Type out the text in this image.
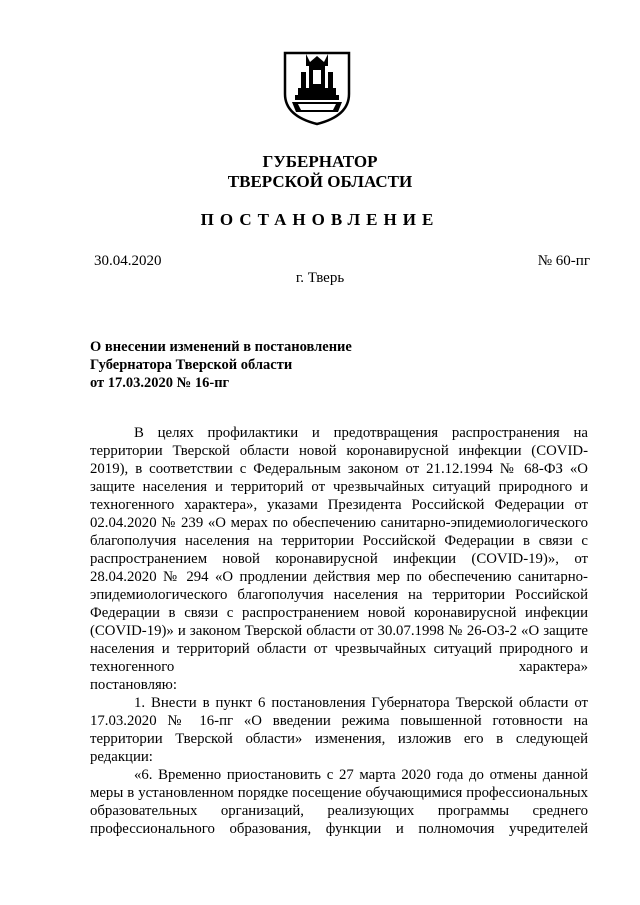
ГУБЕРНАТОР
ТВЕРСКОЙ ОБЛАСТИ
ПОСТАНОВЛЕНИЕ
30.04.2020	№ 60-пг
г. Тверь
О внесении изменений в постановление
Губернатора Тверской области
от 17.03.2020 № 16-пг

В целях профилактики и предотвращения распространения на территории Тверской области новой коронавирусной инфекции (COVID-2019), в соответствии с Федеральным законом от 21.12.1994 № 68-ФЗ «О защите населения и территорий от чрезвычайных ситуаций природного и техногенного характера», указами Президента Российской Федерации от 02.04.2020 № 239 «О мерах по обеспечению санитарно-эпидемиологического благополучия населения на территории Российской Федерации в связи с распространением новой коронавирусной инфекции (COVID-19)», от 28.04.2020 № 294 «О продлении действия мер по обеспечению санитарно-эпидемиологического благополучия населения на территории Российской Федерации в связи с распространением новой коронавирусной инфекции (COVID-19)» и законом Тверской области от 30.07.1998 № 26-ОЗ-2 «О защите населения и территорий области от чрезвычайных ситуаций природного и техногенного характера»

постановляю:

1. Внести в пункт 6 постановления Губернатора Тверской области от 17.03.2020 № 16-пг «О введении режима повышенной готовности на территории Тверской области» изменения, изложив его в следующей редакции:

«6. Временно приостановить с 27 марта 2020 года до отмены данной меры в установленном порядке посещение обучающимися профессиональных образовательных организаций, реализующих программы среднего профессионального образования, функции и полномочия учредителей
